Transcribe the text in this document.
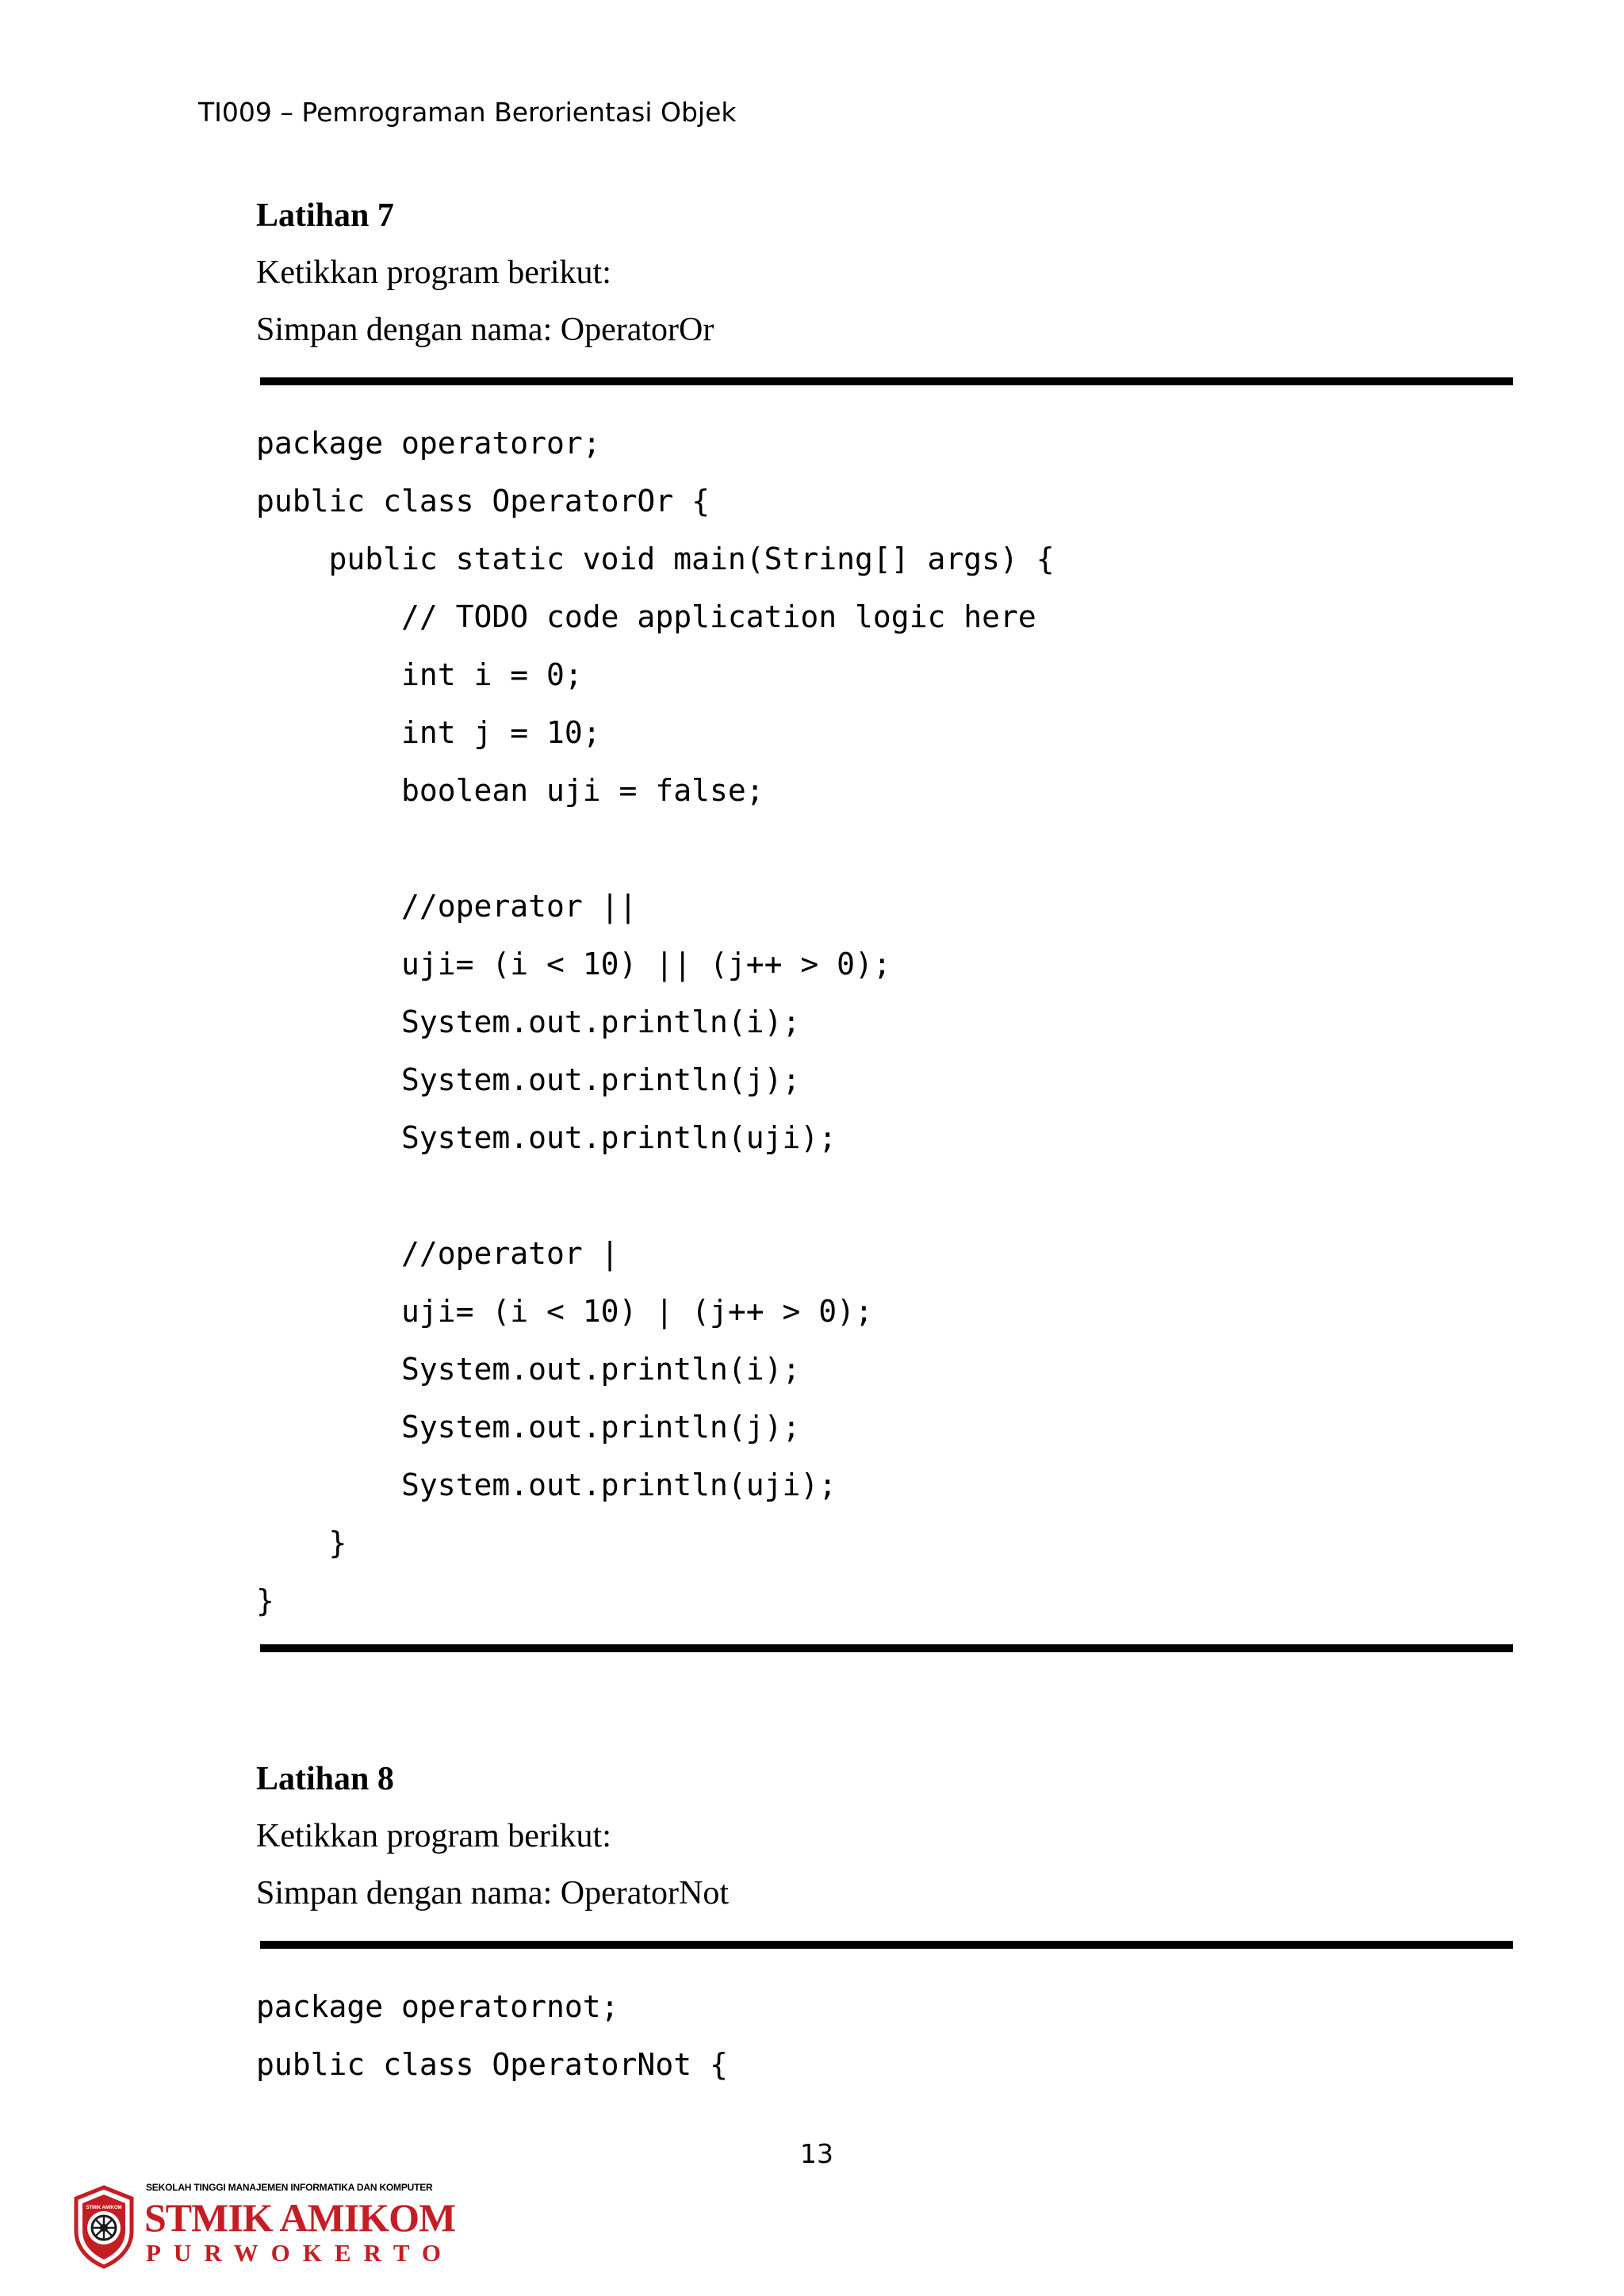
TI009 – Pemrograman Berorientasi Objek
Latihan 7
Ketikkan program berikut:
Simpan dengan nama: OperatorOr
package operatoror;
public class OperatorOr {
public static void main(String[] args) {
// TODO code application logic here
int i = 0;
int j = 10;
boolean uji = false;
//operator ||
uji= (i < 10) || (j++ > 0);
System.out.println(i);
System.out.println(j);
System.out.println(uji);
//operator |
uji= (i < 10) | (j++ > 0);
System.out.println(i);
System.out.println(j);
System.out.println(uji);
}
}
Latihan 8
Ketikkan program berikut:
Simpan dengan nama: OperatorNot
package operatornot;
public class OperatorNot {
13
STMIK AMIKOM
SEKOLAH TINGGI MANAJEMEN INFORMATIKA DAN KOMPUTER
STMIK AMIKOM
PURWOKERTO
